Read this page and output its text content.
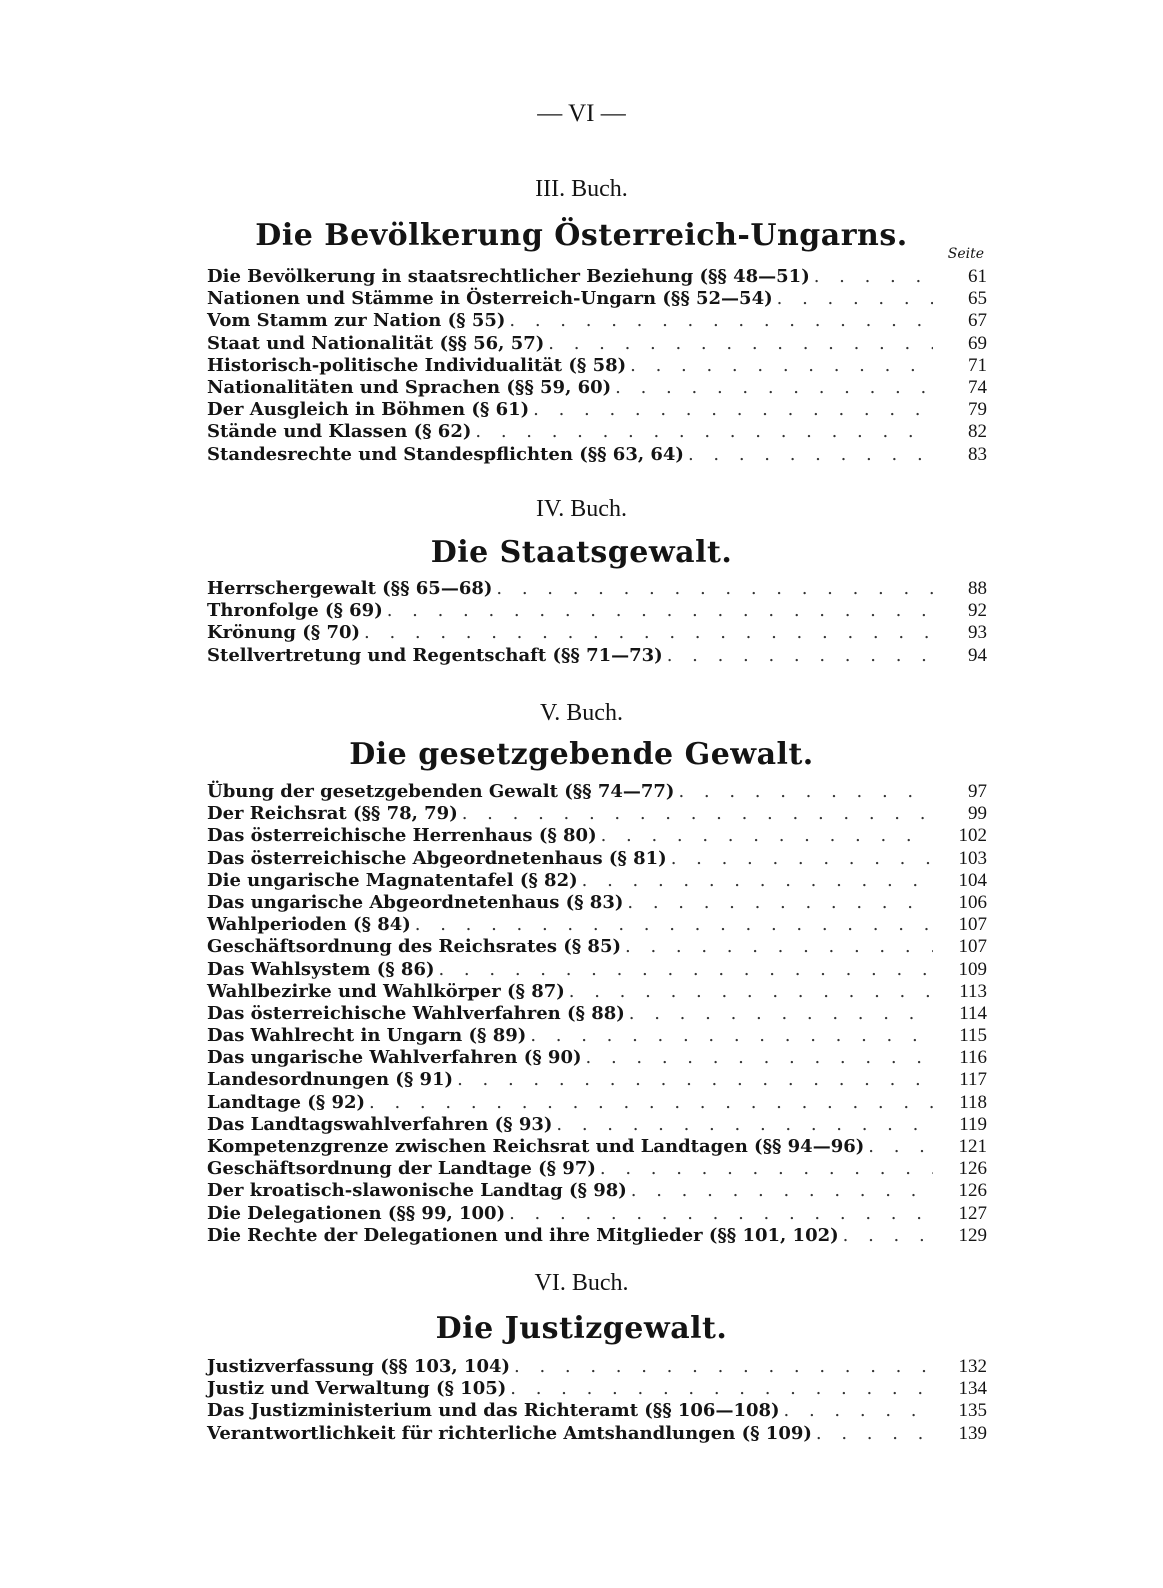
— VI —
Seite
III. Buch.
Die Bevölkerung Österreich-Ungarns.
Die Bevölkerung in staatsrechtlicher Beziehung (§§ 48—51) . . .	61
Nationen und Stämme in Österreich-Ungarn (§§ 52—54) . . .	65
Vom Stamm zur Nation (§ 55) . . .	67
Staat und Nationalität (§§ 56, 57) . . .	69
Historisch-politische Individualität (§ 58) . . .	71
Nationalitäten und Sprachen (§§ 59, 60) . . .	74
Der Ausgleich in Böhmen (§ 61) . . .	79
Stände und Klassen (§ 62) . . .	82
Standesrechte und Standespflichten (§§ 63, 64) . . .	83
IV. Buch.
Die Staatsgewalt.
Herrschergewalt (§§ 65—68) . . .	88
Thronfolge (§ 69) . . .	92
Krönung (§ 70) . . .	93
Stellvertretung und Regentschaft (§§ 71—73) . . .	94
V. Buch.
Die gesetzgebende Gewalt.
Übung der gesetzgebenden Gewalt (§§ 74—77) . . .	97
Der Reichsrat (§§ 78, 79) . . .	99
Das österreichische Herrenhaus (§ 80) . . .	102
Das österreichische Abgeordnetenhaus (§ 81) . . .	103
Die ungarische Magnatentafel (§ 82) . . .	104
Das ungarische Abgeordnetenhaus (§ 83) . . .	106
Wahlperioden (§ 84) . . .	107
Geschäftsordnung des Reichsrates (§ 85) . . .	107
Das Wahlsystem (§ 86) . . .	109
Wahlbezirke und Wahlkörper (§ 87) . . .	113
Das österreichische Wahlverfahren (§ 88) . . .	114
Das Wahlrecht in Ungarn (§ 89) . . .	115
Das ungarische Wahlverfahren (§ 90) . . .	116
Landesordnungen (§ 91) . . .	117
Landtage (§ 92) . . .	118
Das Landtagswahlverfahren (§ 93) . . .	119
Kompetenzgrenze zwischen Reichsrat und Landtagen (§§ 94—96) . . .	121
Geschäftsordnung der Landtage (§ 97) . . .	126
Der kroatisch-slawonische Landtag (§ 98) . . .	126
Die Delegationen (§§ 99, 100) . . .	127
Die Rechte der Delegationen und ihre Mitglieder (§§ 101, 102) . . .	129
VI. Buch.
Die Justizgewalt.
Justizverfassung (§§ 103, 104) . . .	132
Justiz und Verwaltung (§ 105) . . .	134
Das Justizministerium und das Richteramt (§§ 106—108) . . .	135
Verantwortlichkeit für richterliche Amtshandlungen (§ 109) . . .	139
